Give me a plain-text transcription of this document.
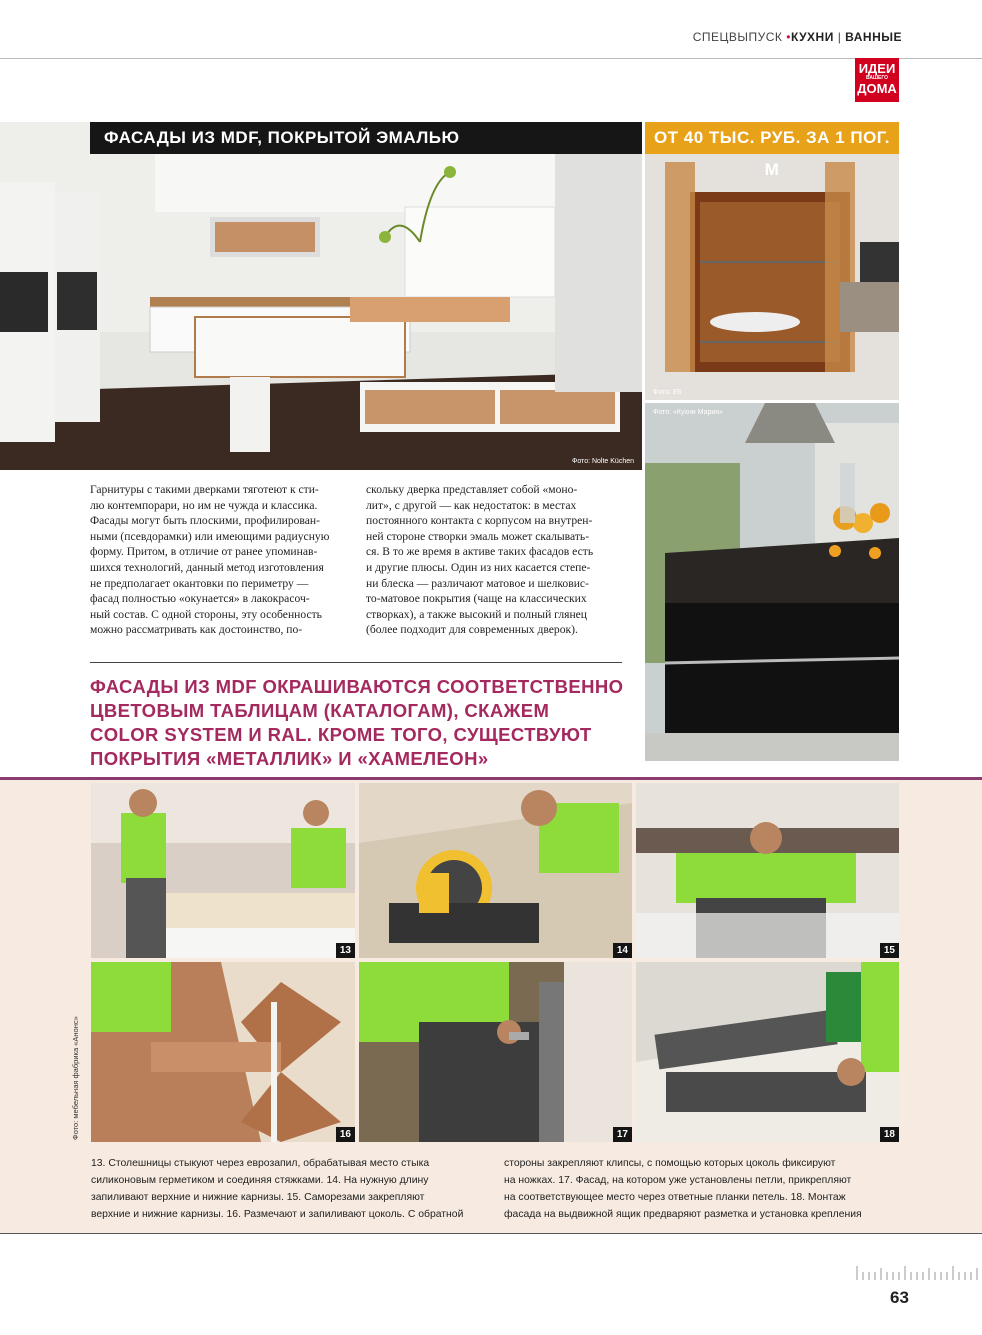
СПЕЦВЫПУСК •КУХНИ | ВАННЫЕ
ИДЕИ
ВАШЕГО
ДОМА
Фото: Nolte Küchen
ФАСАДЫ ИЗ MDF, ПОКРЫТОЙ ЭМАЛЬЮ
Фото: Elt
ОТ 40 ТЫС. РУБ. ЗА 1 ПОГ. М
Фото: «Кухни Мария»
Гарнитуры с такими дверками тяготеют к сти-
лю контемпорари, но им не чужда и классика.
Фасады могут быть плоскими, профилирован-
ными (псевдорамки) или имеющими радиусную
форму. Притом, в отличие от ранее упоминав-
шихся технологий, данный метод изготовления
не предполагает окантовки по периметру —
фасад полностью «окунается» в лакокрасоч-
ный состав. С одной стороны, эту особенность
можно рассматривать как достоинство, по-
скольку дверка представляет собой «моно-
лит», с другой — как недостаток: в местах
постоянного контакта с корпусом на внутрен-
ней стороне створки эмаль может скалывать-
ся. В то же время в активе таких фасадов есть
и другие плюсы. Один из них касается степе-
ни блеска — различают матовое и шелковис-
то-матовое покрытия (чаще на классических
створках), а также высокий и полный глянец
(более подходит для современных дверок).
ФАСАДЫ ИЗ MDF ОКРАШИВАЮТСЯ СООТВЕТСТВЕННО
ЦВЕТОВЫМ ТАБЛИЦАМ (КАТАЛОГАМ), СКАЖЕМ
COLOR SYSTEM И RAL. КРОМЕ ТОГО, СУЩЕСТВУЮТ
ПОКРЫТИЯ «МЕТАЛЛИК» И «ХАМЕЛЕОН»
Фото: мебельная фабрика «Анонс»
13	14	15
16	17	18
13. Столешницы стыкуют через еврозапил, обрабатывая место стыка
силиконовым герметиком и соединяя стяжками. 14. На нужную длину
запиливают верхние и нижние карнизы. 15. Саморезами закрепляют
верхние и нижние карнизы. 16. Размечают и запиливают цоколь. С обратной
стороны закрепляют клипсы, с помощью которых цоколь фиксируют
на ножках. 17. Фасад, на котором уже установлены петли, прикрепляют
на соответствующее место через ответные планки петель. 18. Монтаж
фасада на выдвижной ящик предваряют разметка и установка крепления
63
